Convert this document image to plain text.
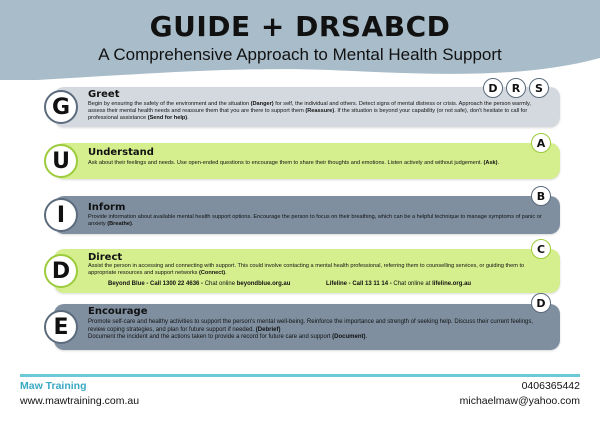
GUIDE + DRSABCD
A Comprehensive Approach to Mental Health Support
G	Greet
Begin by ensuring the safety of the environment and the situation (Danger) for self, the individual and others. Detect signs of mental distress or crisis. Approach the person warmly, assess their mental health needs and reassure them that you are there to support them (Reassure). If the situation is beyond your capability (or not safe), don't hesitate to call for professional assistance (Send for help).
D	R	S
U	Understand
Ask about their feelings and needs. Use open-ended questions to encourage them to share their thoughts and emotions. Listen actively and without judgement. (Ask).
A
I	Inform
Provide information about available mental health support options. Encourage the person to focus on their breathing, which can be a helpful technique to manage symptoms of panic or anxiety (Breathe).
B
D
Direct
Assist the person in accessing and connecting with support. This could involve contacting a mental health professional, referring them to counselling services, or guiding them to appropriate resources and support networks (Connect).
Beyond Blue - Call 1300 22 4636 - Chat online beyondblue.org.au	Lifeline - Call 13 11 14 - Chat online at lifeline.org.au
C
E
Encourage
Promote self-care and healthy activities to support the person's mental well-being. Reinforce the importance and strength of seeking help. Discuss their current feelings, review coping strategies, and plan for future support if needed. (Debrief)
Document the incident and the actions taken to provide a record for future care and support (Document).
D
Maw Training
www.mawtraining.com.au
0406365442
michaelmaw@yahoo.com
